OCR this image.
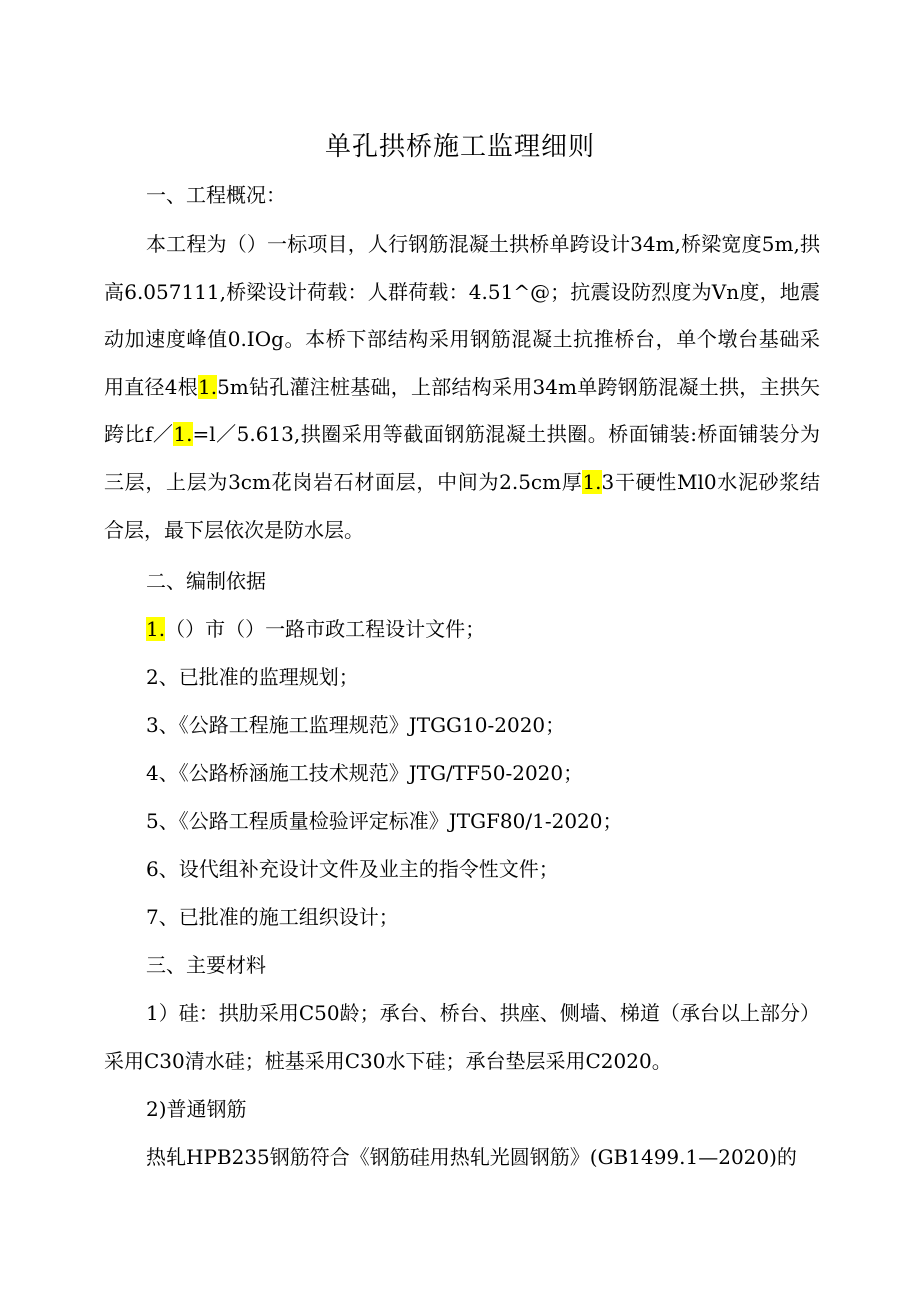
单孔拱桥施工监理细则
一、工程概况：
本工程为（）一标项目，人行钢筋混凝土拱桥单跨设计34m,桥梁宽度5m,拱高6.057111,桥梁设计荷载：人群荷载：4.51^@；抗震设防烈度为Vn度，地震动加速度峰值0.IOg。本桥下部结构采用钢筋混凝土抗推桥台，单个墩台基础采用直径4根1.5m钻孔灌注桩基础，上部结构采用34m单跨钢筋混凝土拱，主拱矢跨比f／1.=l／5.613,拱圈采用等截面钢筋混凝土拱圈。桥面铺装:桥面铺装分为三层，上层为3cm花岗岩石材面层，中间为2.5cm厚1.3干硬性Ml0水泥砂浆结合层，最下层依次是防水层。
二、编制依据
1.（）市（）一路市政工程设计文件；
2、已批准的监理规划；
3、《公路工程施工监理规范》JTGG10-2020；
4、《公路桥涵施工技术规范》JTG/TF50-2020；
5、《公路工程质量检验评定标准》JTGF80/1-2020；
6、设代组补充设计文件及业主的指令性文件；
7、已批准的施工组织设计；
三、主要材料
1）硅：拱肋采用C50龄；承台、桥台、拱座、侧墙、梯道（承台以上部分）采用C30清水硅；桩基采用C30水下硅；承台垫层采用C2020。
2)普通钢筋
热轧HPB235钢筋符合《钢筋硅用热轧光圆钢筋》(GB1499.1—2020)的
